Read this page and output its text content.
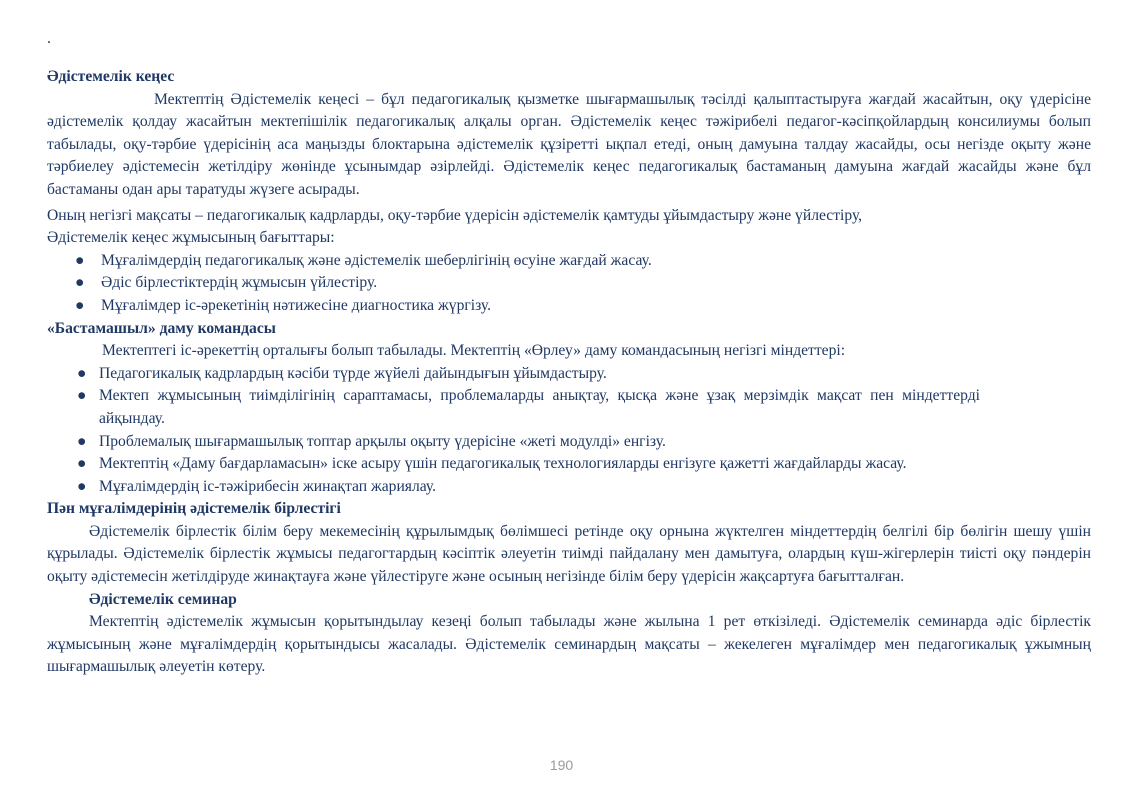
.
Әдістемелік кеңес

Мектептің Әдістемелік кеңесі – бұл педагогикалық қызметке шығармашылық тәсілді қалыптастыруға жағдай жасайтын, оқу үдерісіне әдістемелік қолдау жасайтын мектепішілік педагогикалық алқалы орган. Әдістемелік кеңес тәжірибелі педагог-кәсіпқойлардың консилиумы болып табылады, оқу-тәрбие үдерісінің аса маңызды блоктарына әдістемелік құзіретті ықпал етеді, оның дамуына талдау жасайды, осы негізде оқыту және тәрбиелеу әдістемесін жетілдіру жөнінде ұсынымдар әзірлейді. Әдістемелік кеңес педагогикалық бастаманың дамуына жағдай жасайды және бұл бастаманы одан ары таратуды жүзеге асырады.

Оның негізгі мақсаты – педагогикалық кадрларды, оқу-тәрбие үдерісін әдістемелік қамтуды ұйымдастыру және үйлестіру,

Әдістемелік кеңес жұмысының бағыттары:

● Мұғалімдердің педагогикалық және әдістемелік шеберлігінің өсуіне жағдай жасау.
● Әдіс бірлестіктердің жұмысын үйлестіру.
● Мұғалімдер іс-әрекетінің нәтижесіне диагностика жүргізу.
«Бастамашыл» даму командасы

Мектептегі іс-әрекеттің орталығы болып табылады. Мектептің «Өрлеу» даму командасының негізгі міндеттері:

● Педагогикалық кадрлардың кәсіби түрде жүйелі дайындығын ұйымдастыру.
● Мектеп жұмысының тиімділігінің сараптамасы, проблемаларды анықтау, қысқа және ұзақ мерзімдік мақсат пен міндеттерді айқындау.
● Проблемалық шығармашылық топтар арқылы оқыту үдерісіне «жеті модулді» енгізу.
● Мектептің «Даму бағдарламасын» іске асыру үшін педагогикалық технологияларды енгізуге қажетті жағдайларды жасау.
● Мұғалімдердің іс-тәжірибесін жинақтап жариялау.
Пән мұғалімдерінің әдістемелік бірлестігі

Әдістемелік бірлестік білім беру мекемесінің құрылымдық бөлімшесі ретінде оқу орнына жүктелген міндеттердің белгілі бір бөлігін шешу үшін құрылады. Әдістемелік бірлестік жұмысы педагогтардың кәсіптік әлеуетін тиімді пайдалану мен дамытуға, олардың күш-жігерлерін тиісті оқу пәндерін оқыту әдістемесін жетілдіруде жинақтауға және үйлестіруге және осының негізінде білім беру үдерісін жақсартуға бағытталған.

Әдістемелік семинар

Мектептің әдістемелік жұмысын қорытындылау кезеңі болып табылады және жылына 1 рет өткізіледі. Әдістемелік семинарда әдіс бірлестік жұмысының және мұғалімдердің қорытындысы жасалады. Әдістемелік семинардың мақсаты – жекелеген мұғалімдер мен педагогикалық ұжымның шығармашылық әлеуетін көтеру.

190
